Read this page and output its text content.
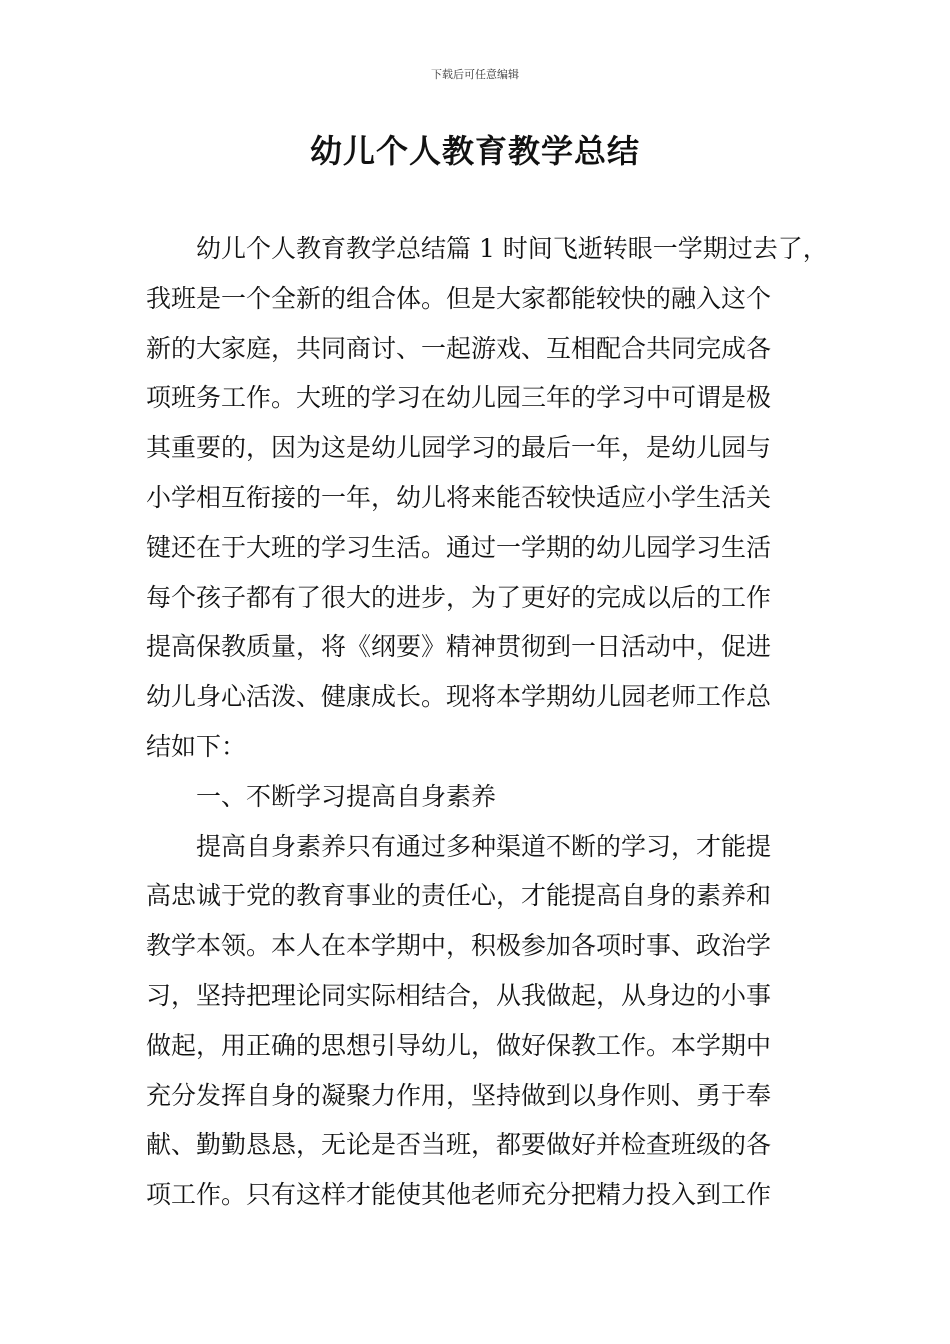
下载后可任意编辑
幼儿个人教育教学总结
幼儿个人教育教学总结篇 1 时间飞逝转眼一学期过去了，
我班是一个全新的组合体。但是大家都能较快的融入这个
新的大家庭，共同商讨、一起游戏、互相配合共同完成各
项班务工作。大班的学习在幼儿园三年的学习中可谓是极
其重要的，因为这是幼儿园学习的最后一年，是幼儿园与
小学相互衔接的一年，幼儿将来能否较快适应小学生活关
键还在于大班的学习生活。通过一学期的幼儿园学习生活
每个孩子都有了很大的进步，为了更好的完成以后的工作
提高保教质量，将《纲要》精神贯彻到一日活动中，促进
幼儿身心活泼、健康成长。现将本学期幼儿园老师工作总
结如下：
一、不断学习提高自身素养
提高自身素养只有通过多种渠道不断的学习，才能提
高忠诚于党的教育事业的责任心，才能提高自身的素养和
教学本领。本人在本学期中，积极参加各项时事、政治学
习，坚持把理论同实际相结合，从我做起，从身边的小事
做起，用正确的思想引导幼儿，做好保教工作。本学期中
充分发挥自身的凝聚力作用，坚持做到以身作则、勇于奉
献、勤勤恳恳，无论是否当班，都要做好并检查班级的各
项工作。只有这样才能使其他老师充分把精力投入到工作
